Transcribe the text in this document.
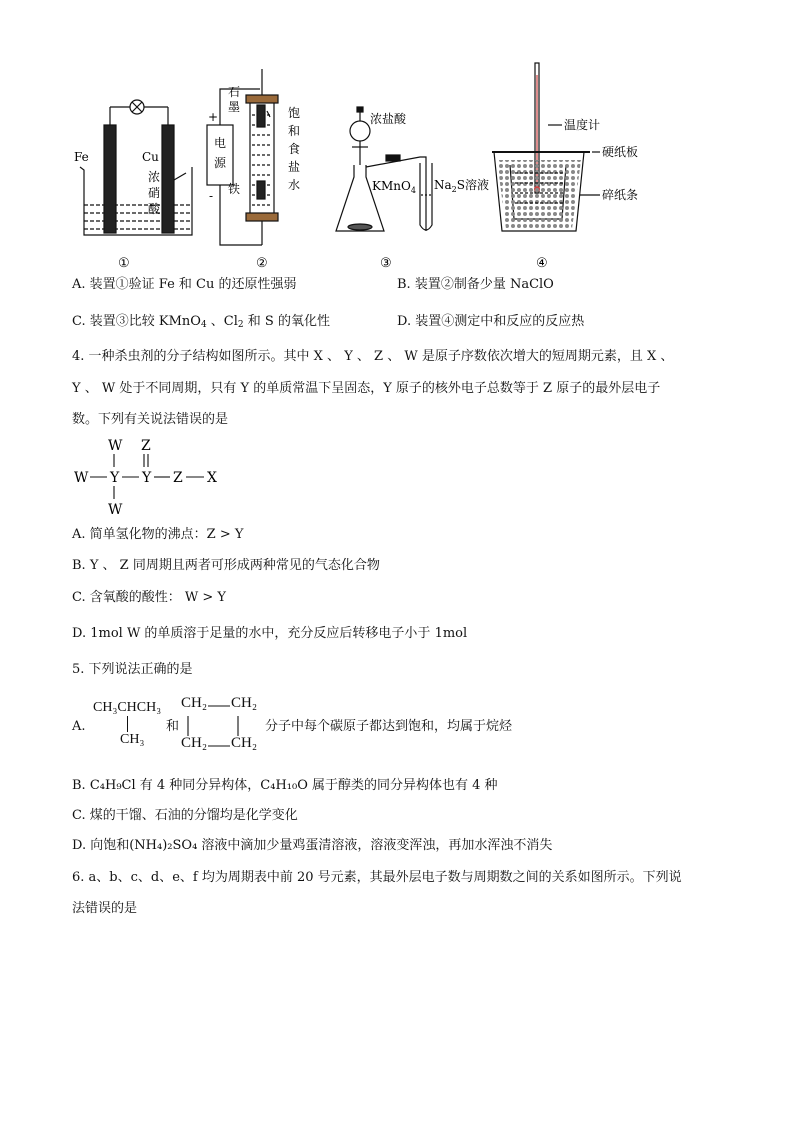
Fe	Cu
浓
硝
酸
①
石
墨
+
电
源
-
饱
和
食
盐
水
铁
②
浓盐酸
KMnO$_4$ $Na_2S$溶液
③
温度计
硬纸板
碎纸条
④
A. 装置①验证 Fe 和 Cu 的还原性强弱	B. 装置②制备少量 NaClO
C. 装置③比较 KMnO$_4$ 、$Cl_2$ 和 S 的氧化性	D. 装置④测定中和反应的反应热
4. 一种杀虫剂的分子结构如图所示。其中 X 、 Y 、 Z 、 W 是原子序数依次增大的短周期元素，且 X 、
Y 、 W 处于不同周期，只有 Y 的单质常温下呈固态，Y 原子的核外电子总数等于 Z 原子的最外层电子
数。下列有关说法错误的是
W Z
W Y Y Z X
W
A. 简单氢化物的沸点：Z > Y
B. Y 、 Z 同周期且两者可形成两种常见的气态化合物
C. 含氧酸的酸性： W > Y
D. 1mol W 的单质溶于足量的水中，充分反应后转移电子小于 1mol
5. 下列说法正确的是
A.
CH₃CHCH₃
CH₃
和
CH₂ CH₂
CH₂ CH₂
分子中每个碳原子都达到饱和，均属于烷烃
B. C₄H₉Cl 有 4 种同分异构体，C₄H₁₀O 属于醇类的同分异构体也有 4 种
C. 煤的干馏、石油的分馏均是化学变化
D. 向饱和(NH₄)₂SO₄ 溶液中滴加少量鸡蛋清溶液，溶液变浑浊，再加水浑浊不消失
6. a、b、c、d、e、f 均为周期表中前 20 号元素，其最外层电子数与周期数之间的关系如图所示。下列说
法错误的是
